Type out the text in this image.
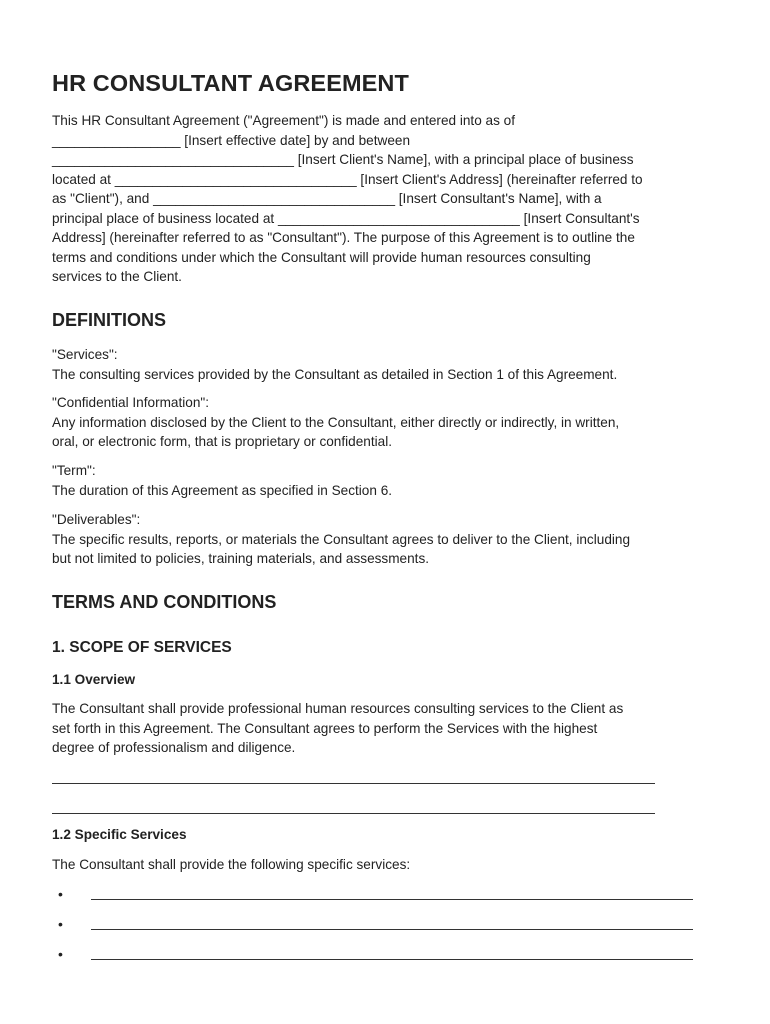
HR CONSULTANT AGREEMENT
This HR Consultant Agreement ("Agreement") is made and entered into as of
_________________ [Insert effective date] by and between
________________________________ [Insert Client's Name], with a principal place of business
located at ________________________________ [Insert Client's Address] (hereinafter referred to
as "Client"), and ________________________________ [Insert Consultant's Name], with a
principal place of business located at ________________________________ [Insert Consultant's
Address] (hereinafter referred to as "Consultant"). The purpose of this Agreement is to outline the
terms and conditions under which the Consultant will provide human resources consulting
services to the Client.
DEFINITIONS
"Services":
The consulting services provided by the Consultant as detailed in Section 1 of this Agreement.
"Confidential Information":
Any information disclosed by the Client to the Consultant, either directly or indirectly, in written,
oral, or electronic form, that is proprietary or confidential.
"Term":
The duration of this Agreement as specified in Section 6.
"Deliverables":
The specific results, reports, or materials the Consultant agrees to deliver to the Client, including
but not limited to policies, training materials, and assessments.
TERMS AND CONDITIONS
1. SCOPE OF SERVICES
1.1 Overview
The Consultant shall provide professional human resources consulting services to the Client as
set forth in this Agreement. The Consultant agrees to perform the Services with the highest
degree of professionalism and diligence.
1.2 Specific Services
The Consultant shall provide the following specific services:
•
•
•
